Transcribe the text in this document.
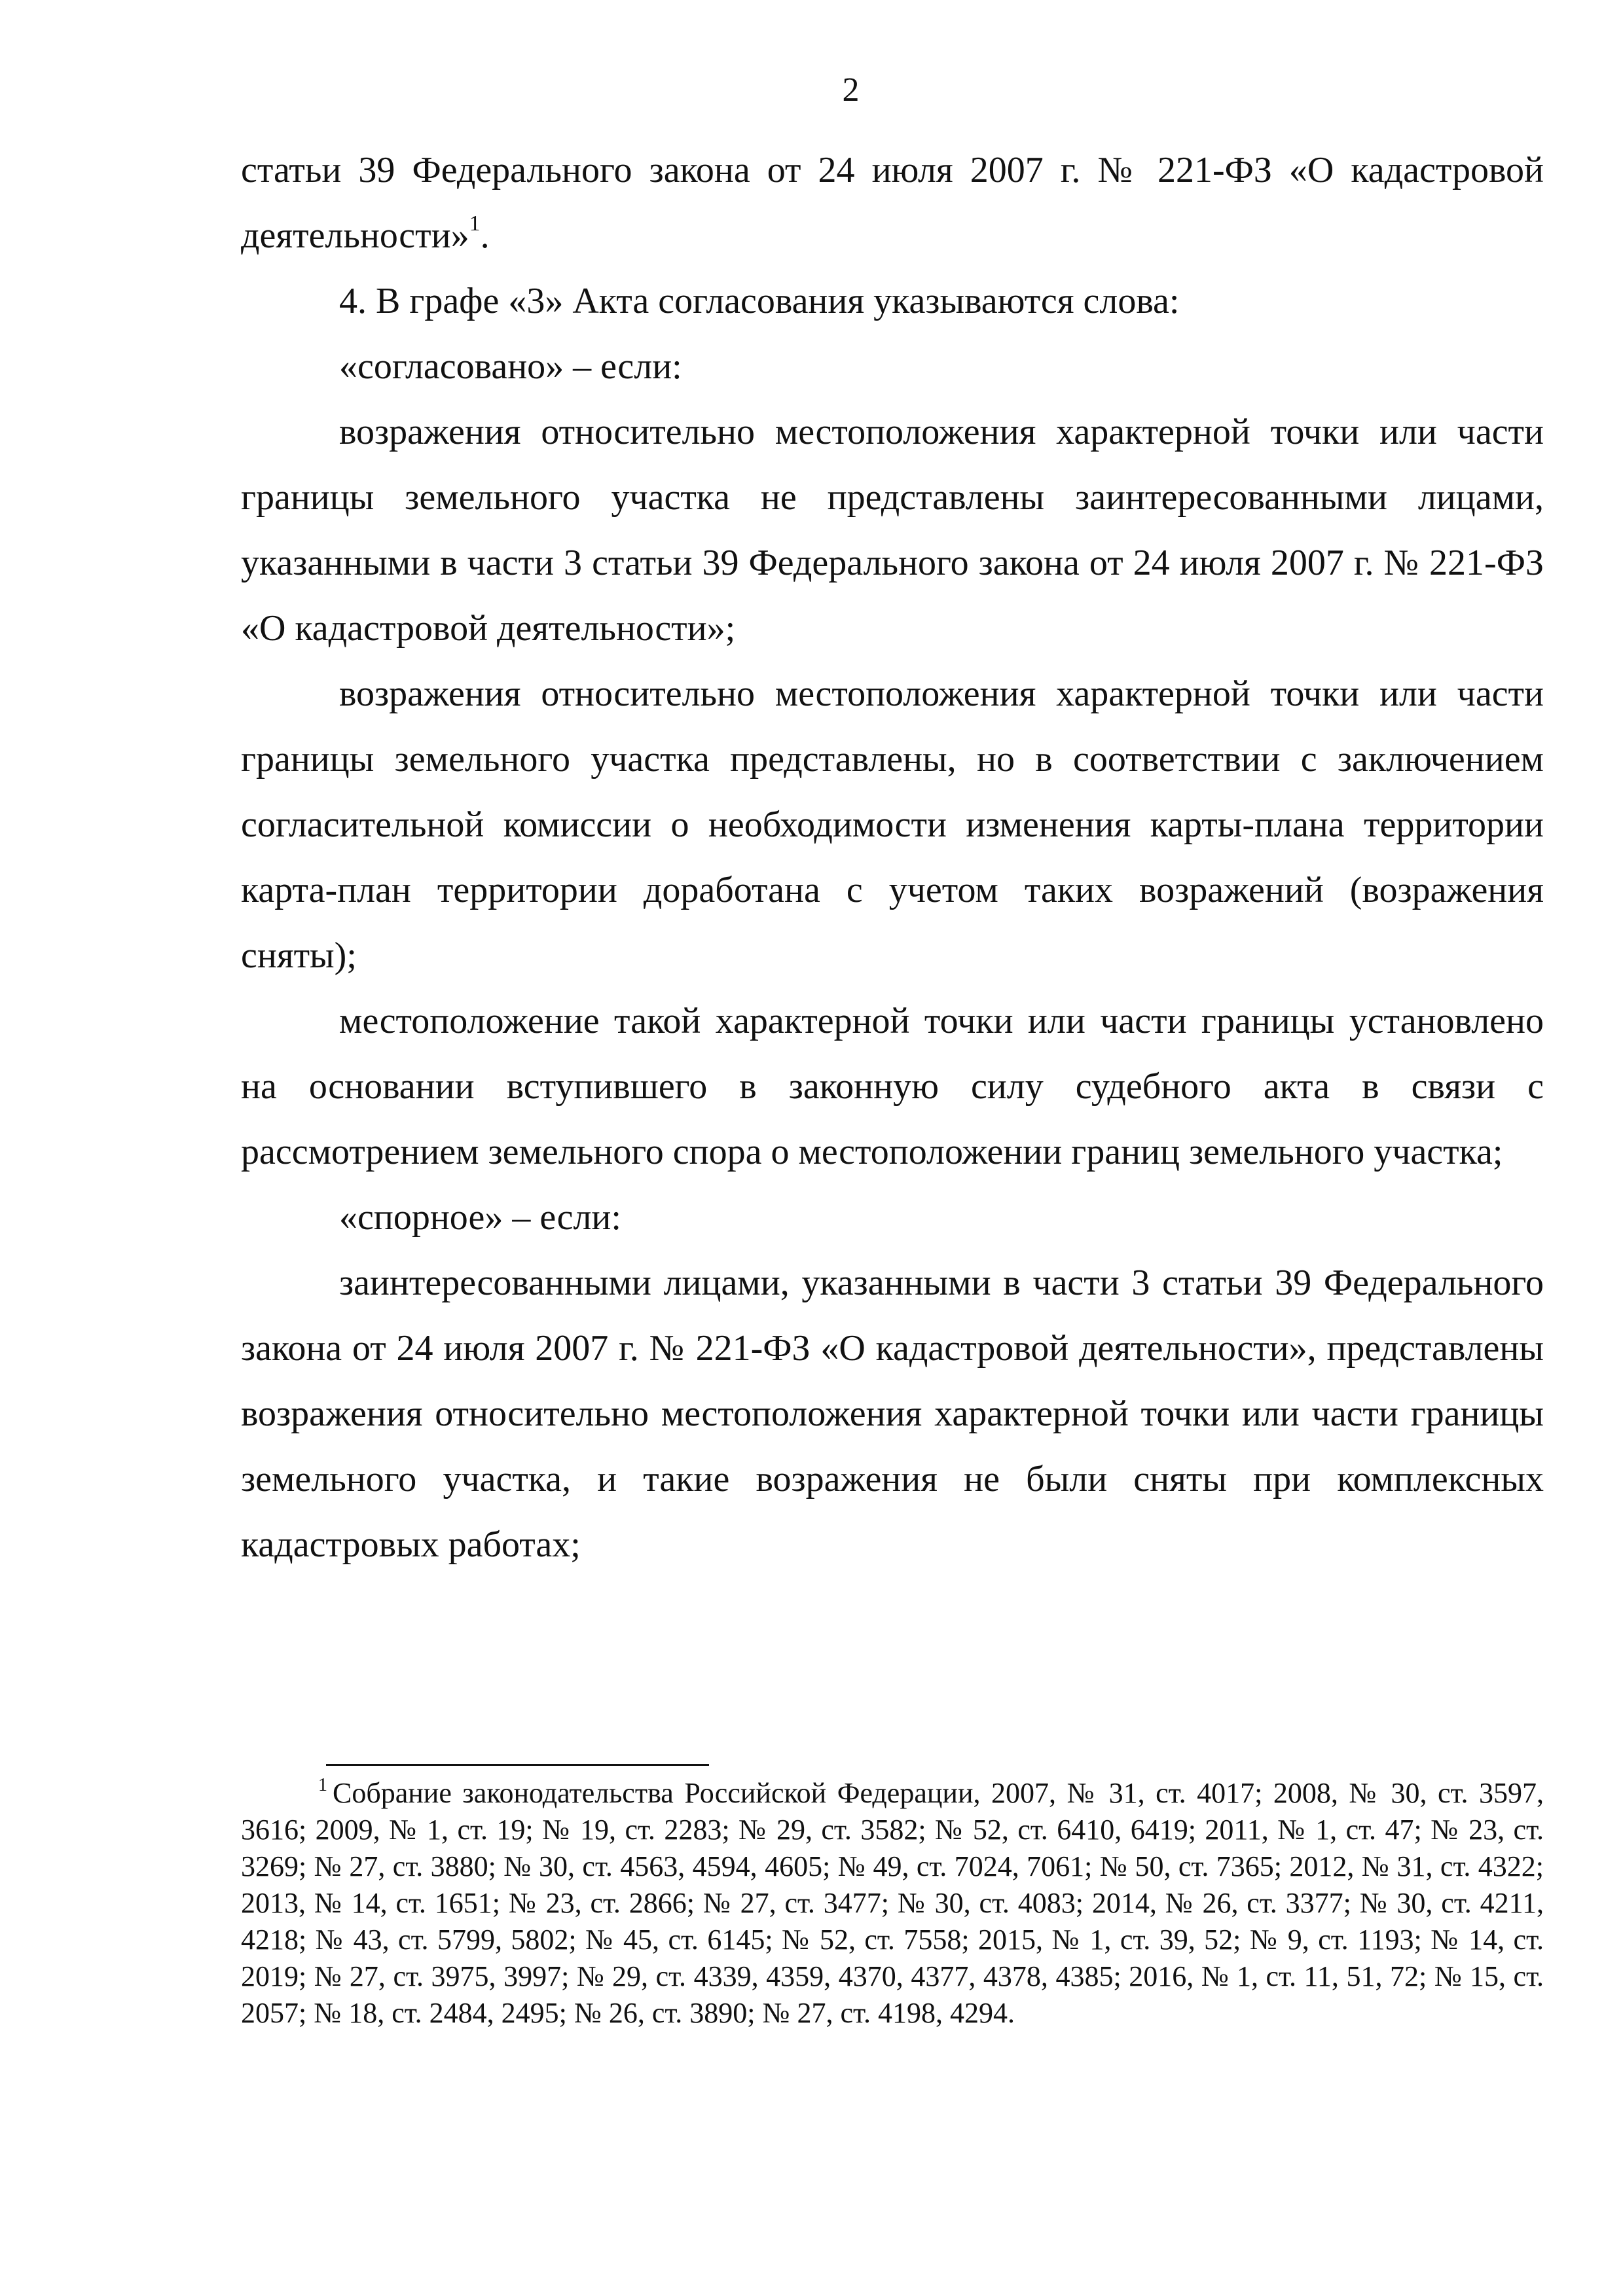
2

статьи 39 Федерального закона от 24 июля 2007 г. № 221-ФЗ «О кадастровой деятельности»$^1$.

4. В графе «3» Акта согласования указываются слова:

«согласовано» – если:

возражения относительно местоположения характерной точки или части границы земельного участка не представлены заинтересованными лицами, указанными в части 3 статьи 39 Федерального закона от 24 июля 2007 г. № 221-ФЗ «О кадастровой деятельности»;

возражения относительно местоположения характерной точки или части границы земельного участка представлены, но в соответствии с заключением согласительной комиссии о необходимости изменения карты-плана территории карта-план территории доработана с учетом таких возражений (возражения сняты);

местоположение такой характерной точки или части границы установлено на основании вступившего в законную силу судебного акта в связи с рассмотрением земельного спора о местоположении границ земельного участка;

«спорное» – если:

заинтересованными лицами, указанными в части 3 статьи 39 Федерального закона от 24 июля 2007 г. № 221-ФЗ «О кадастровой деятельности», представлены возражения относительно местоположения характерной точки или части границы земельного участка, и такие возражения не были сняты при комплексных кадастровых работах;

$^1$ Собрание законодательства Российской Федерации, 2007, № 31, ст. 4017; 2008, № 30, ст. 3597, 3616; 2009, № 1, ст. 19; № 19, ст. 2283; № 29, ст. 3582; № 52, ст. 6410, 6419; 2011, № 1, ст. 47; № 23, ст. 3269; № 27, ст. 3880; № 30, ст. 4563, 4594, 4605; № 49, ст. 7024, 7061; № 50, ст. 7365; 2012, № 31, ст. 4322; 2013, № 14, ст. 1651; № 23, ст. 2866; № 27, ст. 3477; № 30, ст. 4083; 2014, № 26, ст. 3377; № 30, ст. 4211, 4218; № 43, ст. 5799, 5802; № 45, ст. 6145; № 52, ст. 7558; 2015, № 1, ст. 39, 52; № 9, ст. 1193; № 14, ст. 2019; № 27, ст. 3975, 3997; № 29, ст. 4339, 4359, 4370, 4377, 4378, 4385; 2016, № 1, ст. 11, 51, 72; № 15, ст. 2057; № 18, ст. 2484, 2495; № 26, ст. 3890; № 27, ст. 4198, 4294.
